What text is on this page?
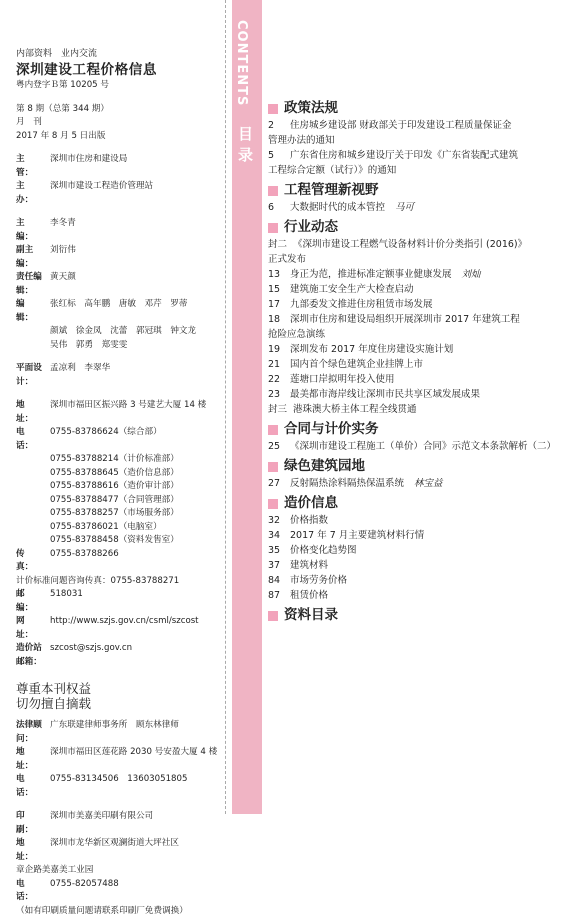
内部资料　业内交流
深圳建设工程价格信息
粤内登字Ｂ第 10205 号
第 8 期（总第 344 期）
月　刊
2017 年 8 月 5 日出版
主　管：
深圳市住房和建设局
主　办：
深圳市建设工程造价管理站
主　编：
李冬青
副主编：
刘衍伟
责任编辑：
黄天颜
编　辑：
张红标　高年鹏　唐敏　邓芹　罗蒂
颜斌　徐金凤　沈蕾　郭冠琪　钟文龙
吴伟　郭勇　郑雯雯
平面设计：
孟凉利　李翠华
地　址：
深圳市福田区振兴路 3 号建艺大厦 14 楼
电　话：
0755-83786624（综合部）
0755-83788214（计价标准部）
0755-83788645（造价信息部）
0755-83788616（造价审计部）
0755-83788477（合同管理部）
0755-83788257（市场服务部）
0755-83786021（电脑室）
0755-83788458（资料发售室）
传　真：
0755-83788266
计价标准问题咨询传真：0755-83788271
邮　编：
518031
网　址：
http://www.szjs.gov.cn/csml/szcost
造价站邮箱：
szcost@szjs.gov.cn
尊重本刊权益
切勿擅自摘载
法律顾问：
广东联建律师事务所　顾东林律师
地　址：
深圳市福田区莲花路 2030 号安盈大厦 4 楼
电　话：
0755-83134506　13603051805
印　刷：
深圳市美嘉美印刷有限公司
地　址：
深圳市龙华新区观澜街道大坪社区
章企路美嘉美工业园
电　话：
0755-82057488
（如有印刷质量问题请联系印刷厂免费调换）
CONTENTS
目
录
政策法规
2 住房城乡建设部 财政部关于印发建设工程质量保证金
管理办法的通知
5 广东省住房和城乡建设厅关于印发《广东省装配式建筑
工程综合定额（试行）》的通知
工程管理新视野
6 大数据时代的成本管控 马可
行业动态
封二 《深圳市建设工程燃气设备材料计价分类指引 (2016)》
正式发布
13 身正为范，推进标准定额事业健康发展 刘灿
15 建筑施工安全生产大检查启动
17 九部委发文推进住房租赁市场发展
18 深圳市住房和建设局组织开展深圳市 2017 年建筑工程
抢险应急演练
19 深圳发布 2017 年度住房建设实施计划
21 国内首个绿色建筑企业挂牌上市
22 莲塘口岸拟明年投入使用
23 最美都市海岸线让深圳市民共享区域发展成果
封三 港珠澳大桥主体工程全线贯通
合同与计价实务
25 《深圳市建设工程施工（单价）合同》示范文本条款解析（二）
绿色建筑园地
27 反射隔热涂料隔热保温系统 林宝益
造价信息
32 价格指数
34 2017 年 7 月主要建筑材料行情
35 价格变化趋势图
37 建筑材料
84 市场劳务价格
87 租赁价格
资料目录
